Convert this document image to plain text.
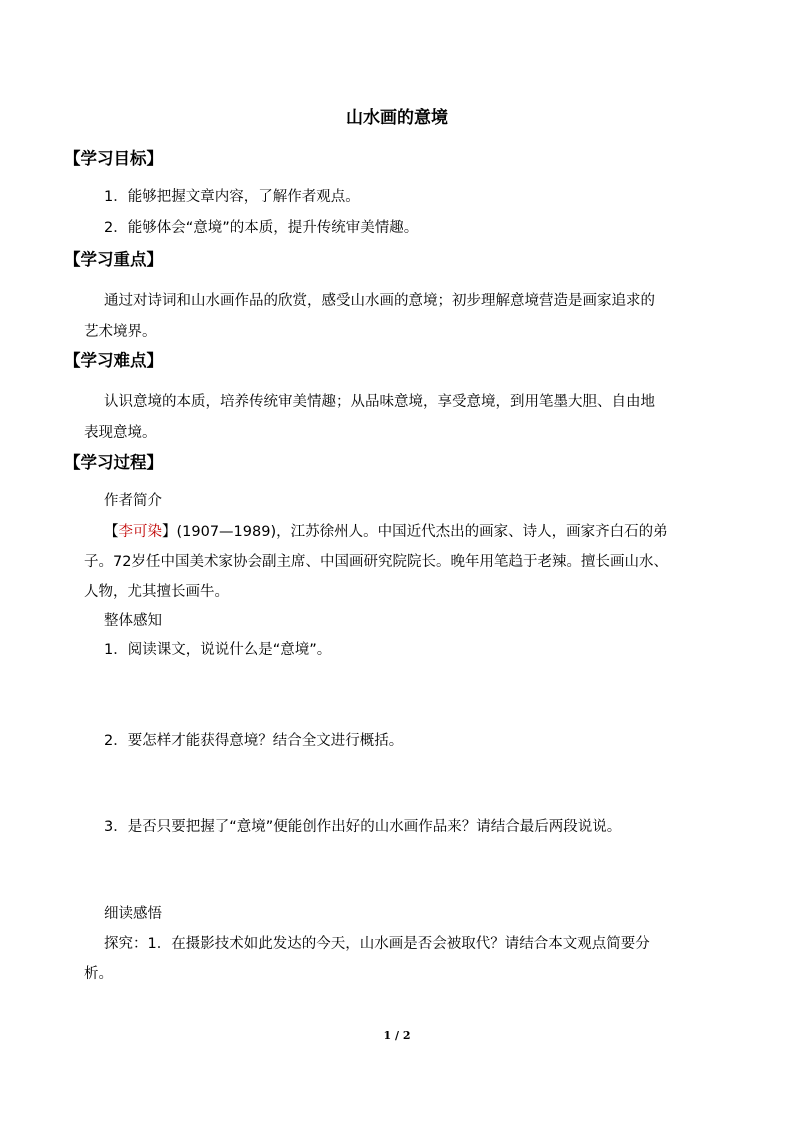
山水画的意境
【学习目标】
1．能够把握文章内容，了解作者观点。
2．能够体会“意境”的本质，提升传统审美情趣。
【学习重点】
通过对诗词和山水画作品的欣赏，感受山水画的意境；初步理解意境营造是画家追求的
艺术境界。
【学习难点】
认识意境的本质，培养传统审美情趣；从品味意境，享受意境，到用笔墨大胆、自由地
表现意境。
【学习过程】
作者简介
【李可染】(1907—1989)，江苏徐州人。中国近代杰出的画家、诗人，画家齐白石的弟
子。72岁任中国美术家协会副主席、中国画研究院院长。晚年用笔趋于老辣。擅长画山水、
人物，尤其擅长画牛。
整体感知
1．阅读课文，说说什么是“意境”。
2．要怎样才能获得意境？结合全文进行概括。
3．是否只要把握了“意境”便能创作出好的山水画作品来？请结合最后两段说说。
细读感悟
探究：1．在摄影技术如此发达的今天，山水画是否会被取代？请结合本文观点简要分
析。
1 / 2
